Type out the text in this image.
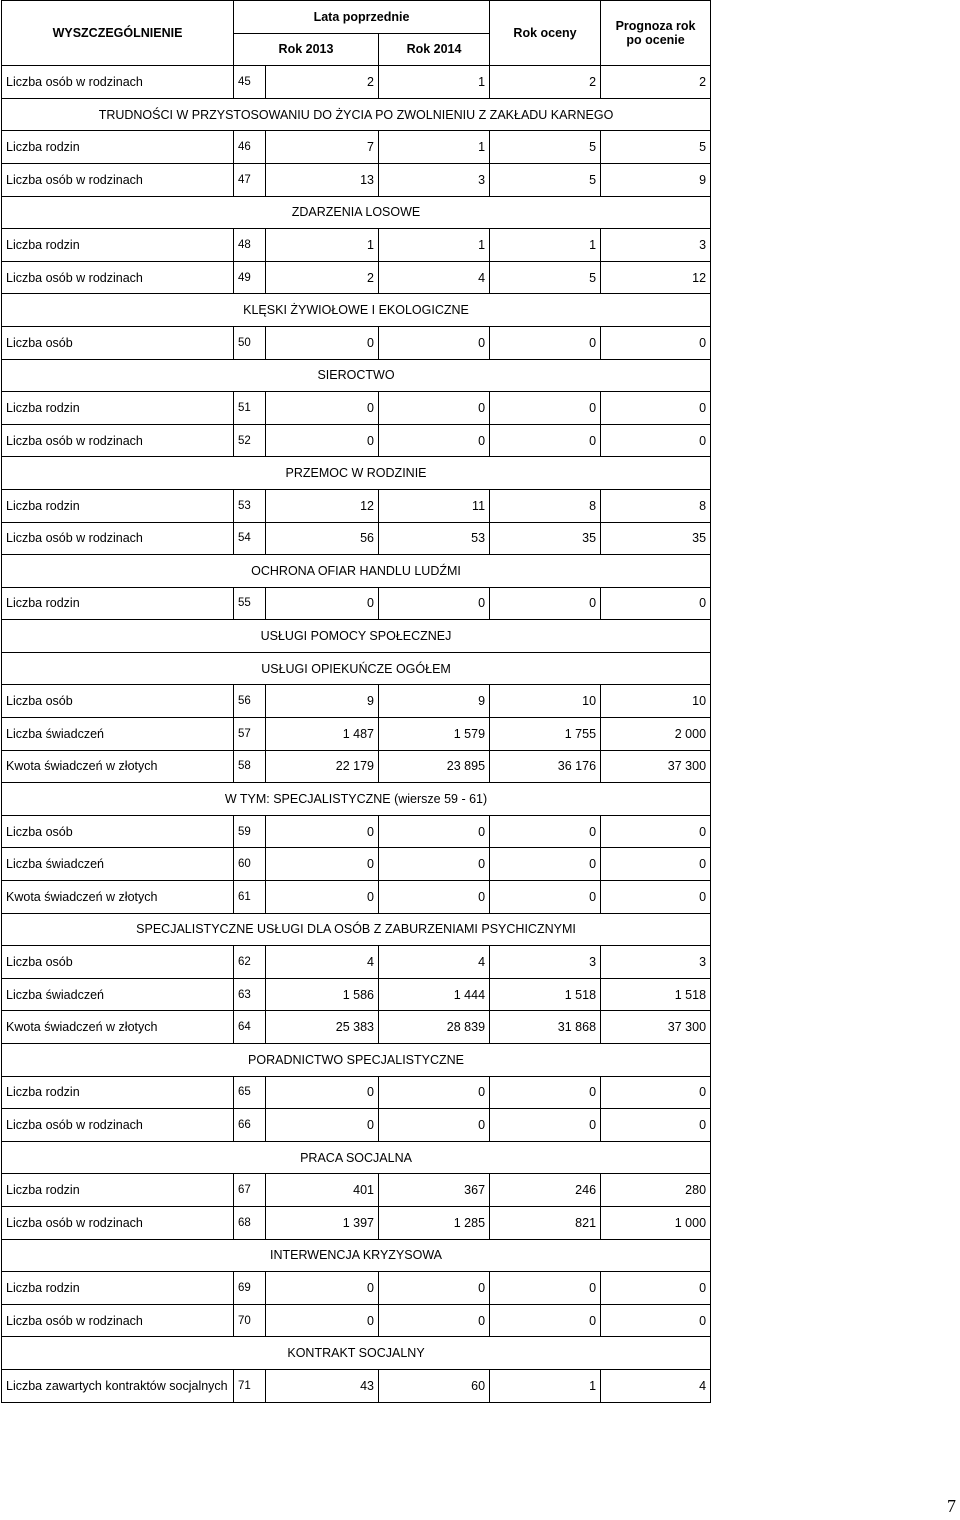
WYSZCZEGÓLNIENIE	Lata poprzednie			Rok oceny	Prognoza rok
po ocenie

	Rok 2013		Rok 2014		
Liczba osób w rodzinach	45	2	1	2	2
TRUDNOŚCI W PRZYSTOSOWANIU DO ŻYCIA PO ZWOLNIENIU Z ZAKŁADU KARNEGO					
Liczba rodzin	46	7	1	5	5
Liczba osób w rodzinach	47	13	3	5	9
ZDARZENIA LOSOWE					
Liczba rodzin	48	1	1	1	3
Liczba osób w rodzinach	49	2	4	5	12
KLĘSKI ŻYWIOŁOWE I EKOLOGICZNE					
Liczba osób	50	0	0	0	0
SIEROCTWO					
Liczba rodzin	51	0	0	0	0
Liczba osób w rodzinach	52	0	0	0	0
PRZEMOC W RODZINIE					
Liczba rodzin	53	12	11	8	8
Liczba osób w rodzinach	54	56	53	35	35
OCHRONA OFIAR HANDLU LUDŹMI					
Liczba rodzin	55	0	0	0	0
USŁUGI POMOCY SPOŁECZNEJ					
USŁUGI OPIEKUŃCZE OGÓŁEM					
Liczba osób	56	9	9	10	10
Liczba świadczeń	57	1 487	1 579	1 755	2 000
Kwota świadczeń w złotych	58	22 179	23 895	36 176	37 300
W TYM: SPECJALISTYCZNE (wiersze 59 - 61)					
Liczba osób	59	0	0	0	0
Liczba świadczeń	60	0	0	0	0
Kwota świadczeń w złotych	61	0	0	0	0
SPECJALISTYCZNE USŁUGI DLA OSÓB Z ZABURZENIAMI PSYCHICZNYMI					
Liczba osób	62	4	4	3	3
Liczba świadczeń	63	1 586	1 444	1 518	1 518
Kwota świadczeń w złotych	64	25 383	28 839	31 868	37 300
PORADNICTWO SPECJALISTYCZNE					
Liczba rodzin	65	0	0	0	0
Liczba osób w rodzinach	66	0	0	0	0
PRACA SOCJALNA					
Liczba rodzin	67	401	367	246	280
Liczba osób w rodzinach	68	1 397	1 285	821	1 000
INTERWENCJA KRYZYSOWA					
Liczba rodzin	69	0	0	0	0
Liczba osób w rodzinach	70	0	0	0	0
KONTRAKT SOCJALNY					
Liczba zawartych kontraktów socjalnych	71	43	60	1	4
7
